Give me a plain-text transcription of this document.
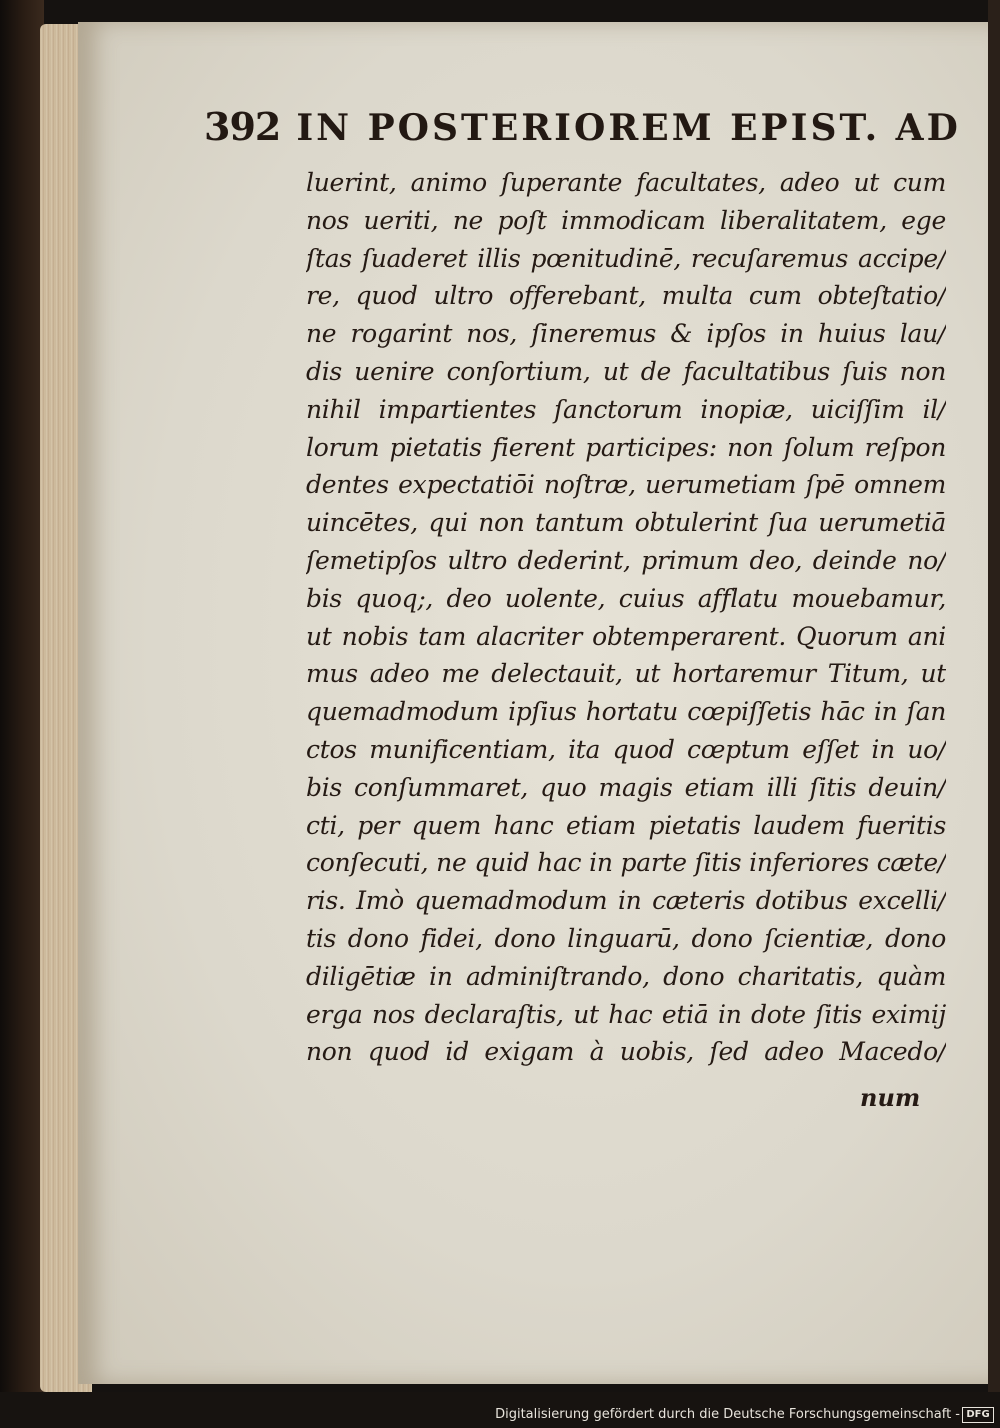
392 IN POSTERIOREM EPIST. AD
luerint, animo ſuperante facultates, adeo ut cum
nos ueriti, ne poſt immodicam liberalitatem, ege
ſtas ſuaderet illis pœnitudinē, recuſaremus accipe/
re, quod ultro offerebant, multa cum obteſtatio/
ne rogarint nos, ſineremus & ipſos in huius lau/
dis uenire conſortium, ut de facultatibus ſuis non
nihil impartientes ſanctorum inopiæ, uiciſſim il/
lorum pietatis fierent participes: non ſolum reſpon
dentes expectatiōi noſtræ, uerumetiam ſpē omnem
uincētes, qui non tantum obtulerint ſua uerumetiā
ſemetipſos ultro dederint, primum deo, deinde no/
bis quoq;, deo uolente, cuius afflatu mouebamur,
ut nobis tam alacriter obtemperarent. Quorum ani
mus adeo me delectauit, ut hortaremur Titum, ut
quemadmodum ipſius hortatu cœpiſſetis hāc in ſan
ctos munificentiam, ita quod cœptum eſſet in uo/
bis conſummaret, quo magis etiam illi ſitis deuin/
cti, per quem hanc etiam pietatis laudem fueritis
conſecuti, ne quid hac in parte ſitis inferiores cæte/
ris. Imò quemadmodum in cæteris dotibus excelli/
tis dono fidei, dono linguarū, dono ſcientiæ, dono
diligētiæ in adminiſtrando, dono charitatis, quàm
erga nos declaraſtis, ut hac etiā in dote ſitis eximij
non quod id exigam à uobis, ſed adeo Macedo/
num
Digitalisierung gefördert durch die Deutsche Forschungsgemeinschaft - DFG
